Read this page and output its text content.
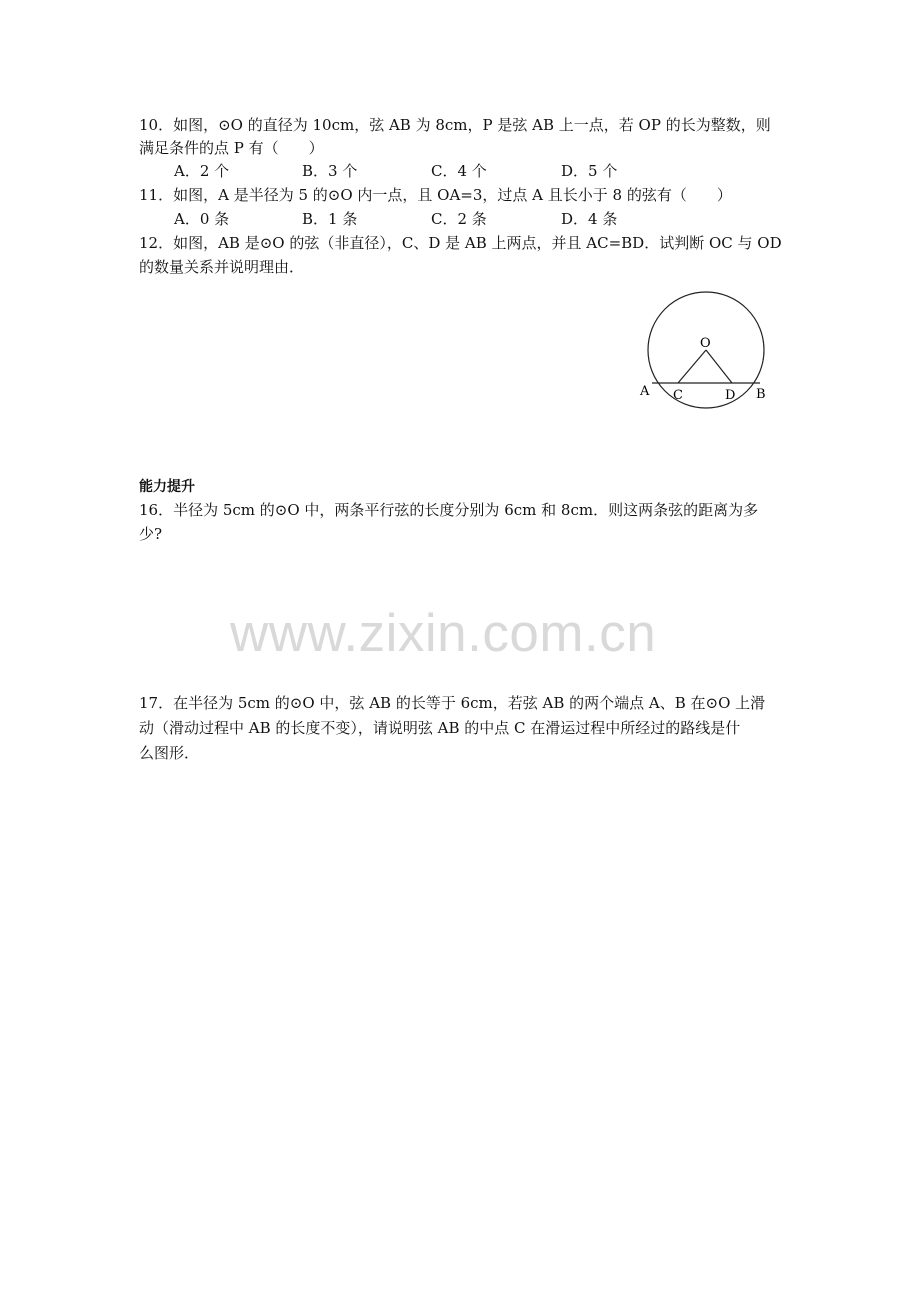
10．如图，⊙O 的直径为 10cm，弦 AB 为 8cm，P 是弦 AB 上一点，若 OP 的长为整数，则
满足条件的点 P 有（　　）
A．2 个	B．3 个	C．4 个	D．5 个
11．如图，A 是半径为 5 的⊙O 内一点，且 OA=3，过点 A 且长小于 8 的弦有（　　）
A．0 条	B．1 条	C．2 条	D．4 条
12．如图，AB 是⊙O 的弦（非直径），C、D 是 AB 上两点，并且 AC=BD．试判断 OC 与 OD
的数量关系并说明理由．
O
A C	D B
能力提升
16．半径为 5cm 的⊙O 中，两条平行弦的长度分别为 6cm 和 8cm．则这两条弦的距离为多
少?
www.zixin.com.cn
17．在半径为 5cm 的⊙O 中，弦 AB 的长等于 6cm，若弦 AB 的两个端点 A、B 在⊙O 上滑
动（滑动过程中 AB 的长度不变），请说明弦 AB 的中点 C 在滑运过程中所经过的路线是什
么图形．
